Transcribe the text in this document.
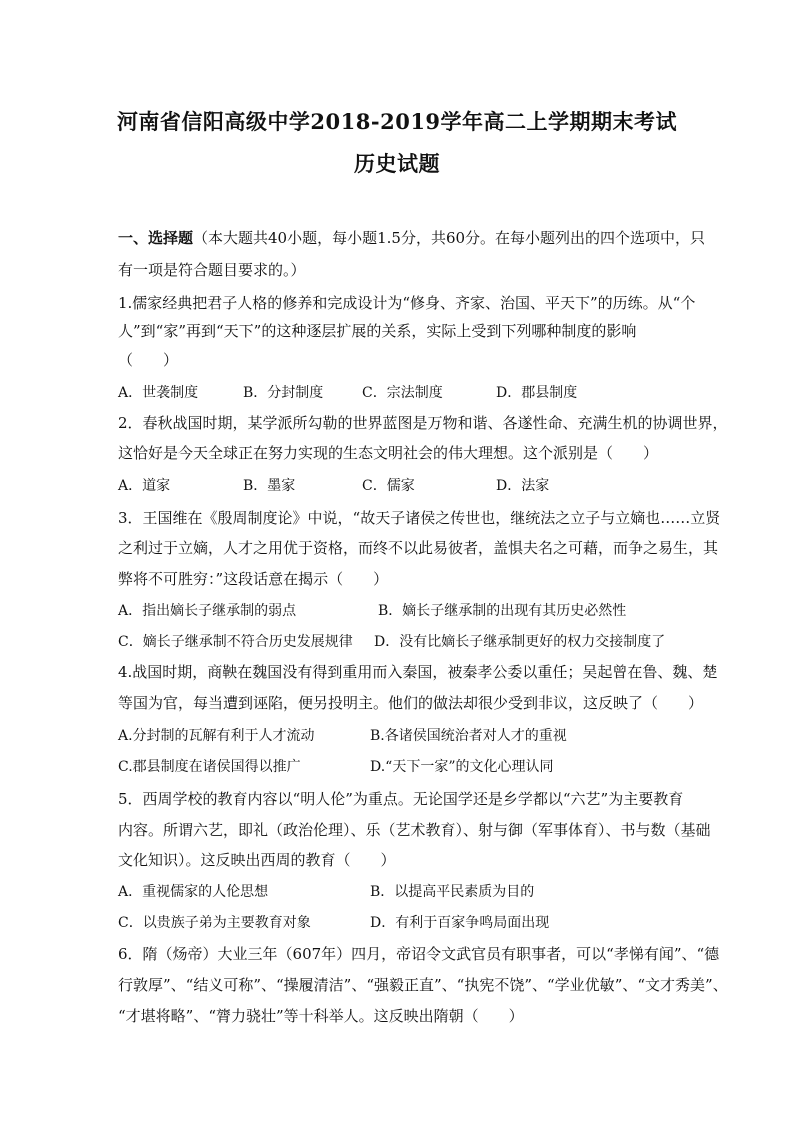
河南省信阳高级中学2018-2019学年高二上学期期末考试
历史试题
一、选择题（本大题共40小题，每小题1.5分，共60分。在每小题列出的四个选项中，只
有一项是符合题目要求的。）
1.儒家经典把君子人格的修养和完成设计为“修身、齐家、治国、平天下”的历练。从“个
人”到“家”再到“天下”的这种逐层扩展的关系，实际上受到下列哪种制度的影响
（　　）
A．世袭制度	B．分封制度	C．宗法制度	D．郡县制度
2．春秋战国时期，某学派所勾勒的世界蓝图是万物和谐、各遂性命、充满生机的协调世界，
这恰好是今天全球正在努力实现的生态文明社会的伟大理想。这个派别是（　　）
A．道家	B．墨家	C．儒家	D．法家
3．王国维在《殷周制度论》中说，“故天子诸侯之传世也，继统法之立子与立嫡也……立贤
之利过于立嫡，人才之用优于资格，而终不以此易彼者，盖惧夫名之可藉，而争之易生，其
弊将不可胜穷：”这段话意在揭示（　　）
A．指出嫡长子继承制的弱点	B．嫡长子继承制的出现有其历史必然性
C．嫡长子继承制不符合历史发展规律 D．没有比嫡长子继承制更好的权力交接制度了
4.战国时期，商鞅在魏国没有得到重用而入秦国，被秦孝公委以重任；吴起曾在鲁、魏、楚
等国为官，每当遭到诬陷，便另投明主。他们的做法却很少受到非议，这反映了（　　）
A.分封制的瓦解有利于人才流动	B.各诸侯国统治者对人才的重视
C.郡县制度在诸侯国得以推广	D.“天下一家”的文化心理认同
5．西周学校的教育内容以“明人伦”为重点。无论国学还是乡学都以“六艺”为主要教育
内容。所谓六艺，即礼（政治伦理）、乐（艺术教育）、射与御（军事体育）、书与数（基础
文化知识）。这反映出西周的教育（　　）
A．重视儒家的人伦思想	B．以提高平民素质为目的
C．以贵族子弟为主要教育对象	D．有利于百家争鸣局面出现
6．隋（炀帝）大业三年（607年）四月，帝诏令文武官员有职事者，可以“孝悌有闻”、“德
行敦厚”、“结义可称”、“操履清洁”、“强毅正直”、“执宪不饶”、“学业优敏”、“文才秀美”、
“才堪将略”、“膂力骁壮”等十科举人。这反映出隋朝（　　）
